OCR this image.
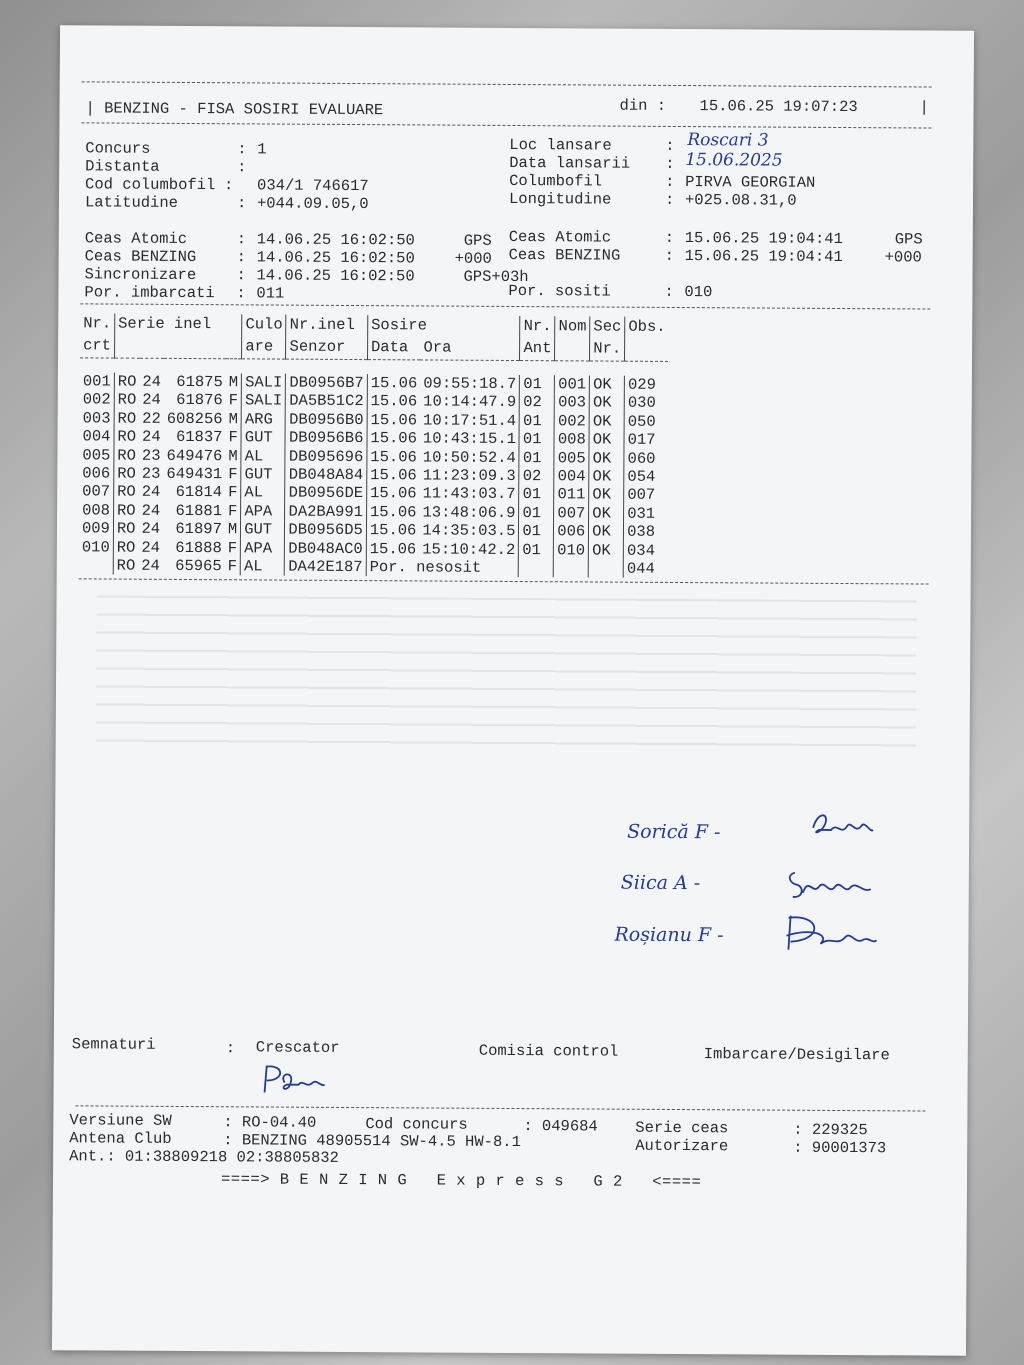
| BENZING - FISA SOSIRI EVALUARE	din : 15.06.25 19:07:23	|
Concurs	: 1
Distanta	:
Cod columbofil : 034/1 746617
Latitudine	: +044.09.05,0
Loc lansare	: Roscari 3
Data lansarii : 15.06.2025
Columbofil	: PIRVA GEORGIAN
Longitudine	: +025.08.31,0
Ceas Atomic	: 14.06.25 16:02:50	GPS
Ceas BENZING	: 14.06.25 16:02:50	+000
Sincronizare	: 14.06.25 16:02:50	GPS+03h
Por. imbarcati : 011
Ceas Atomic	: 15.06.25 19:04:41	GPS
Ceas BENZING	: 15.06.25 19:04:41	+000
Por. sositi	: 010
Nr.	Serie inel				Culo	Nr.inel	Sosire		Nr.	Nom	Sec	Obs.
crt					are	Senzor	Data	Ora	Ant		Nr.	

001	RO	24	61875	M	SALI	DB0956B7	15.06	09:55:18.7	01	001	OK	029
002	RO	24	61876	F	SALI	DA5B51C2	15.06	10:14:47.9	02	003	OK	030
003	RO	22	608256	M	ARG	DB0956B0	15.06	10:17:51.4	01	002	OK	050
004	RO	24	61837	F	GUT	DB0956B6	15.06	10:43:15.1	01	008	OK	017
005	RO	23	649476	M	AL	DB095696	15.06	10:50:52.4	01	005	OK	060
006	RO	23	649431	F	GUT	DB048A84	15.06	11:23:09.3	02	004	OK	054
007	RO	24	61814	F	AL	DB0956DE	15.06	11:43:03.7	01	011	OK	007
008	RO	24	61881	F	APA	DA2BA991	15.06	13:48:06.9	01	007	OK	031
009	RO	24	61897	M	GUT	DB0956D5	15.06	14:35:03.5	01	006	OK	038
010	RO	24	61888	F	APA	DB048AC0	15.06	15:10:42.2	01	010	OK	034
	RO	24	65965	F	AL	DA42E187	Por. nesosit					044
Sorică F -
Siica A -
Roșianu F -
Semnaturi	: Crescator	Comisia control	Imbarcare/Desigilare
Versiune SW	: RO-04.40	Cod concurs	: 049684 Serie ceas	: 229325
Antena Club	: BENZING 48905514 SW-4.5 HW-8.1	Autorizare	: 90001373
Ant.: 01:38809218 02:38805832
====> B E N Z I N G   E x p r e s s   G 2   <====
